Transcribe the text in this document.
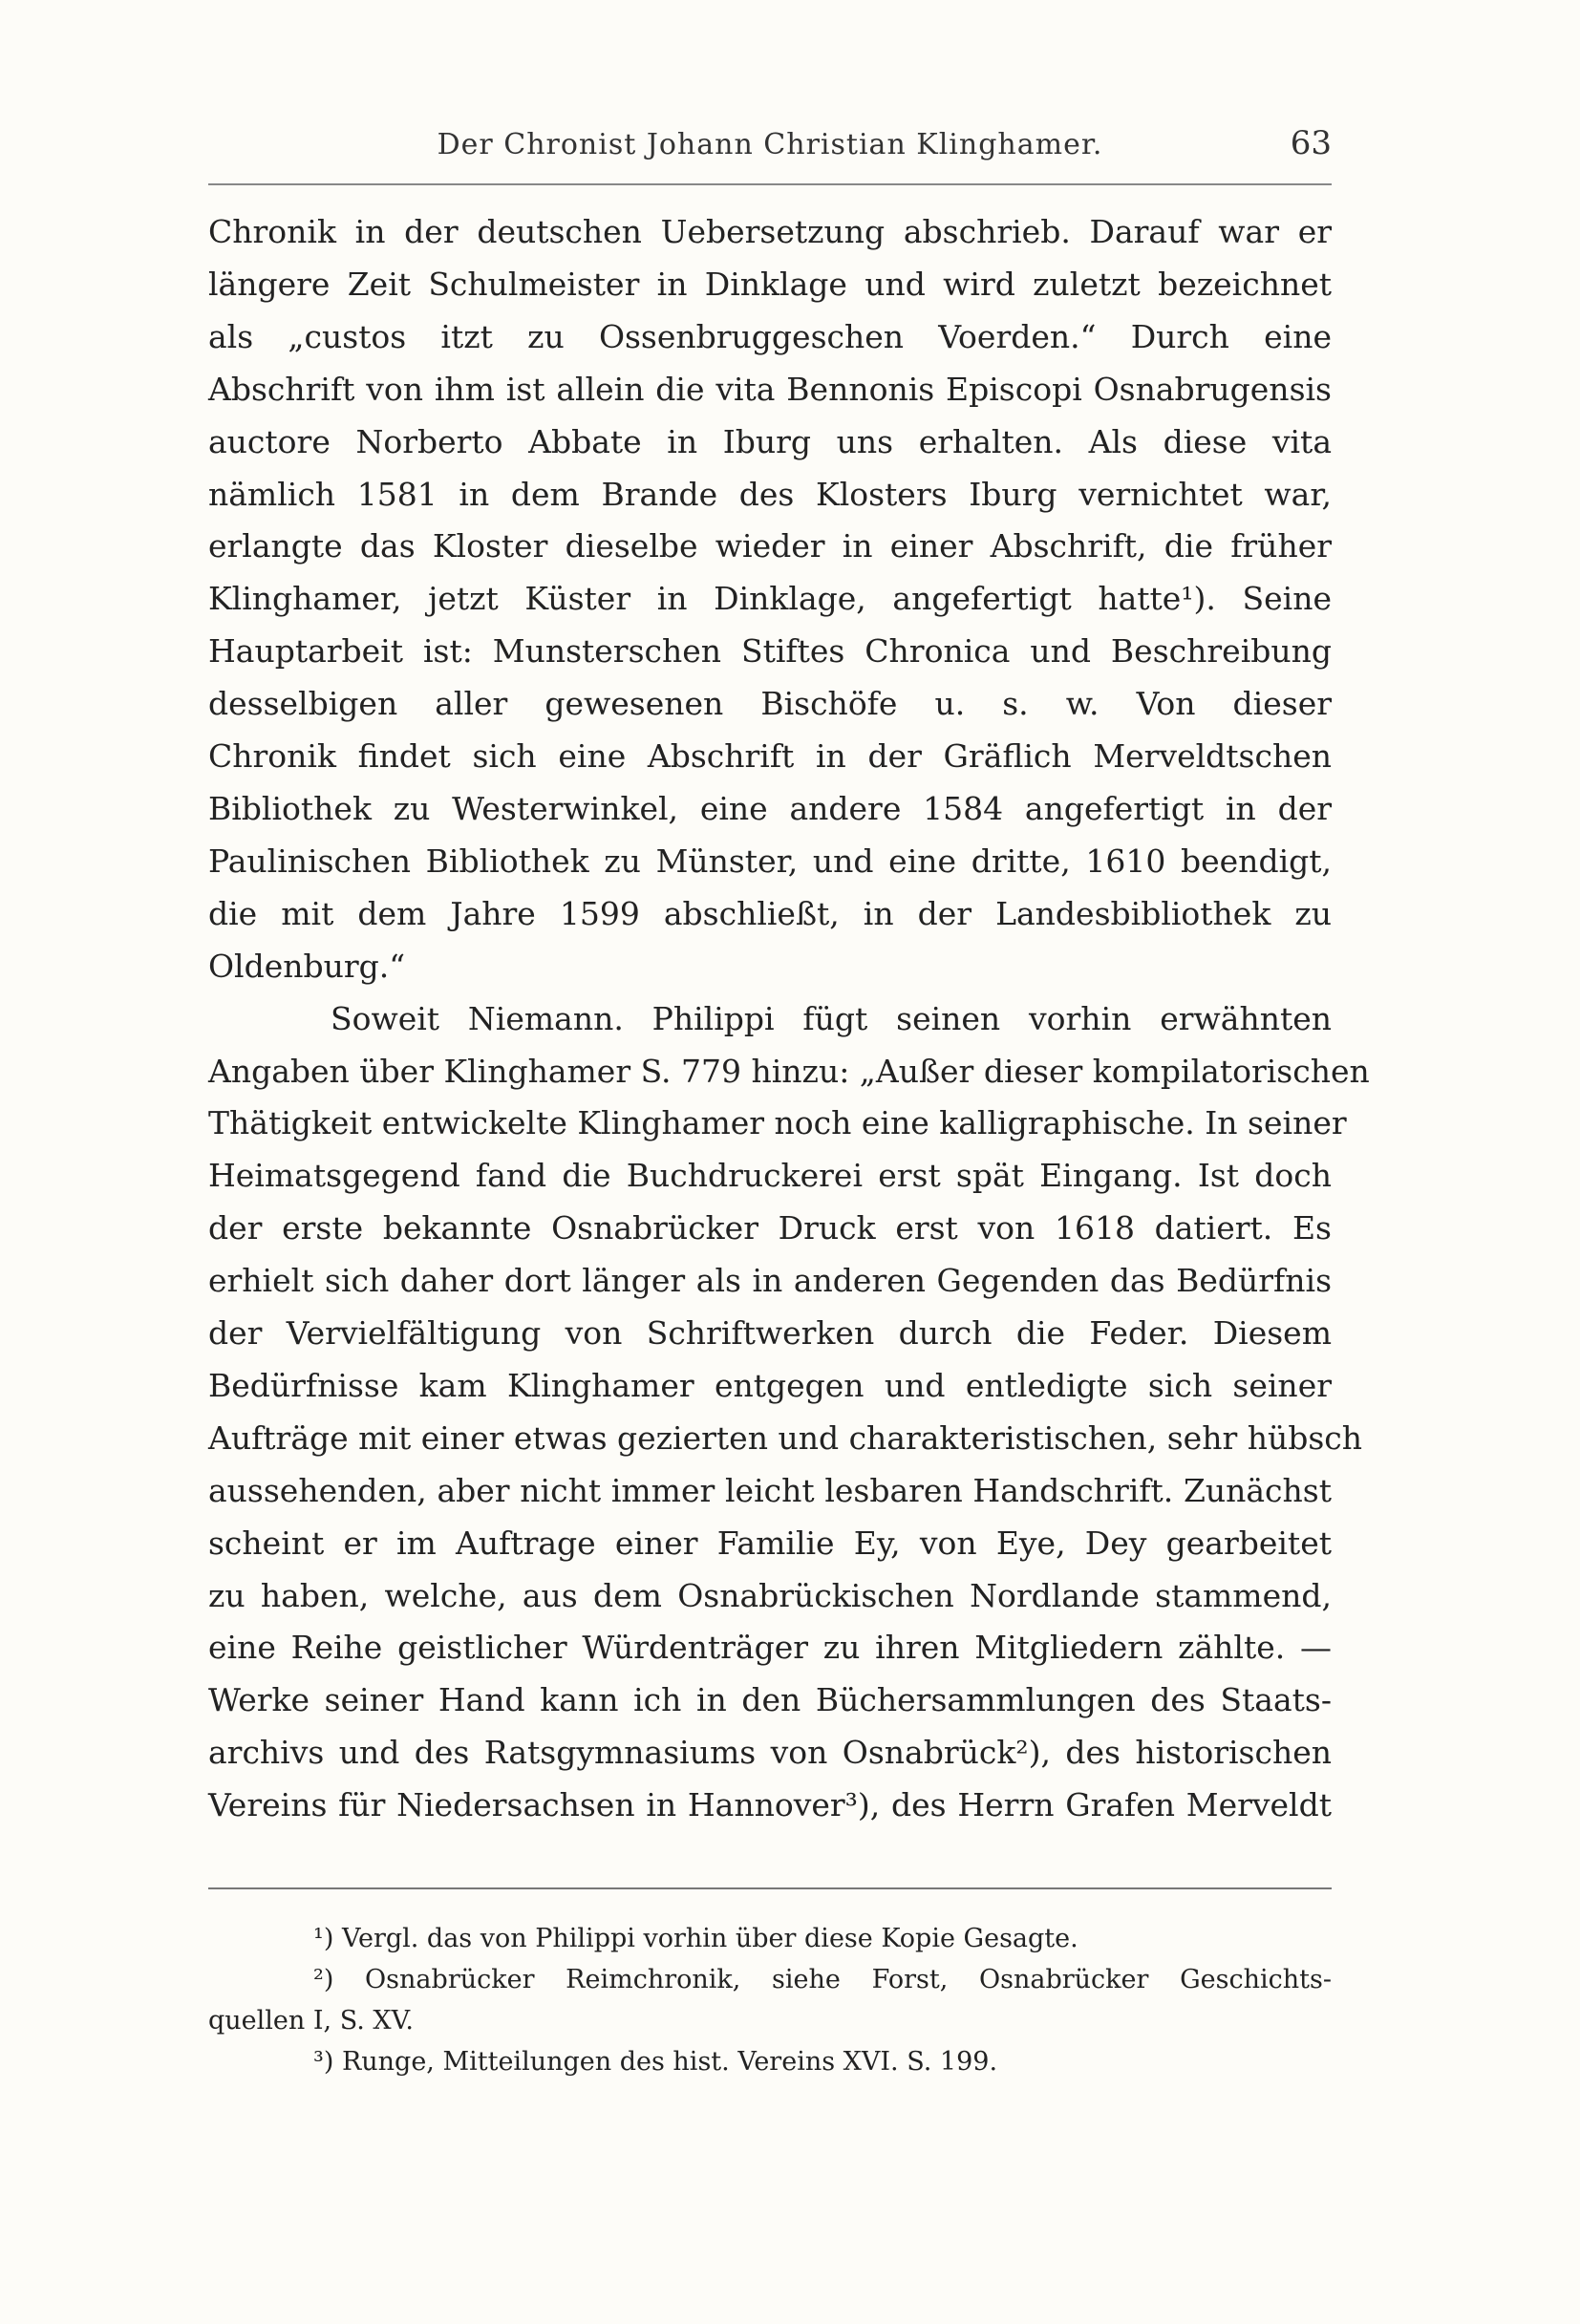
Der Chronist Johann Christian Klinghamer.	63
Chronik in der deutschen Uebersetzung abschrieb. Darauf war er
längere Zeit Schulmeister in Dinklage und wird zuletzt bezeichnet
als „custos itzt zu Ossenbruggeschen Voerden.“ Durch eine
Abschrift von ihm ist allein die vita Bennonis Episcopi Osnabrugensis
auctore Norberto Abbate in Iburg uns erhalten. Als diese vita
nämlich 1581 in dem Brande des Klosters Iburg vernichtet war,
erlangte das Kloster dieselbe wieder in einer Abschrift, die früher
Klinghamer, jetzt Küster in Dinklage, angefertigt hatte¹). Seine
Hauptarbeit ist: Munsterschen Stiftes Chronica und Beschreibung
desselbigen aller gewesenen Bischöfe u. s. w. Von dieser
Chronik findet sich eine Abschrift in der Gräflich Merveldtschen
Bibliothek zu Westerwinkel, eine andere 1584 angefertigt in der
Paulinischen Bibliothek zu Münster, und eine dritte, 1610 beendigt,
die mit dem Jahre 1599 abschließt, in der Landesbibliothek zu
Oldenburg.“
Soweit Niemann. Philippi fügt seinen vorhin erwähnten
Angaben über Klinghamer S. 779 hinzu: „Außer dieser kompilatorischen
Thätigkeit entwickelte Klinghamer noch eine kalligraphische. In seiner
Heimatsgegend fand die Buchdruckerei erst spät Eingang. Ist doch
der erste bekannte Osnabrücker Druck erst von 1618 datiert. Es
erhielt sich daher dort länger als in anderen Gegenden das Bedürfnis
der Vervielfältigung von Schriftwerken durch die Feder. Diesem
Bedürfnisse kam Klinghamer entgegen und entledigte sich seiner
Aufträge mit einer etwas gezierten und charakteristischen, sehr hübsch
aussehenden, aber nicht immer leicht lesbaren Handschrift. Zunächst
scheint er im Auftrage einer Familie Ey, von Eye, Dey gearbeitet
zu haben, welche, aus dem Osnabrückischen Nordlande stammend,
eine Reihe geistlicher Würdenträger zu ihren Mitgliedern zählte. —
Werke seiner Hand kann ich in den Büchersammlungen des Staats-
archivs und des Ratsgymnasiums von Osnabrück²), des historischen
Vereins für Niedersachsen in Hannover³), des Herrn Grafen Merveldt
¹) Vergl. das von Philippi vorhin über diese Kopie Gesagte.
²) Osnabrücker Reimchronik, siehe Forst, Osnabrücker Geschichts-
quellen I, S. XV.
³) Runge, Mitteilungen des hist. Vereins XVI. S. 199.
